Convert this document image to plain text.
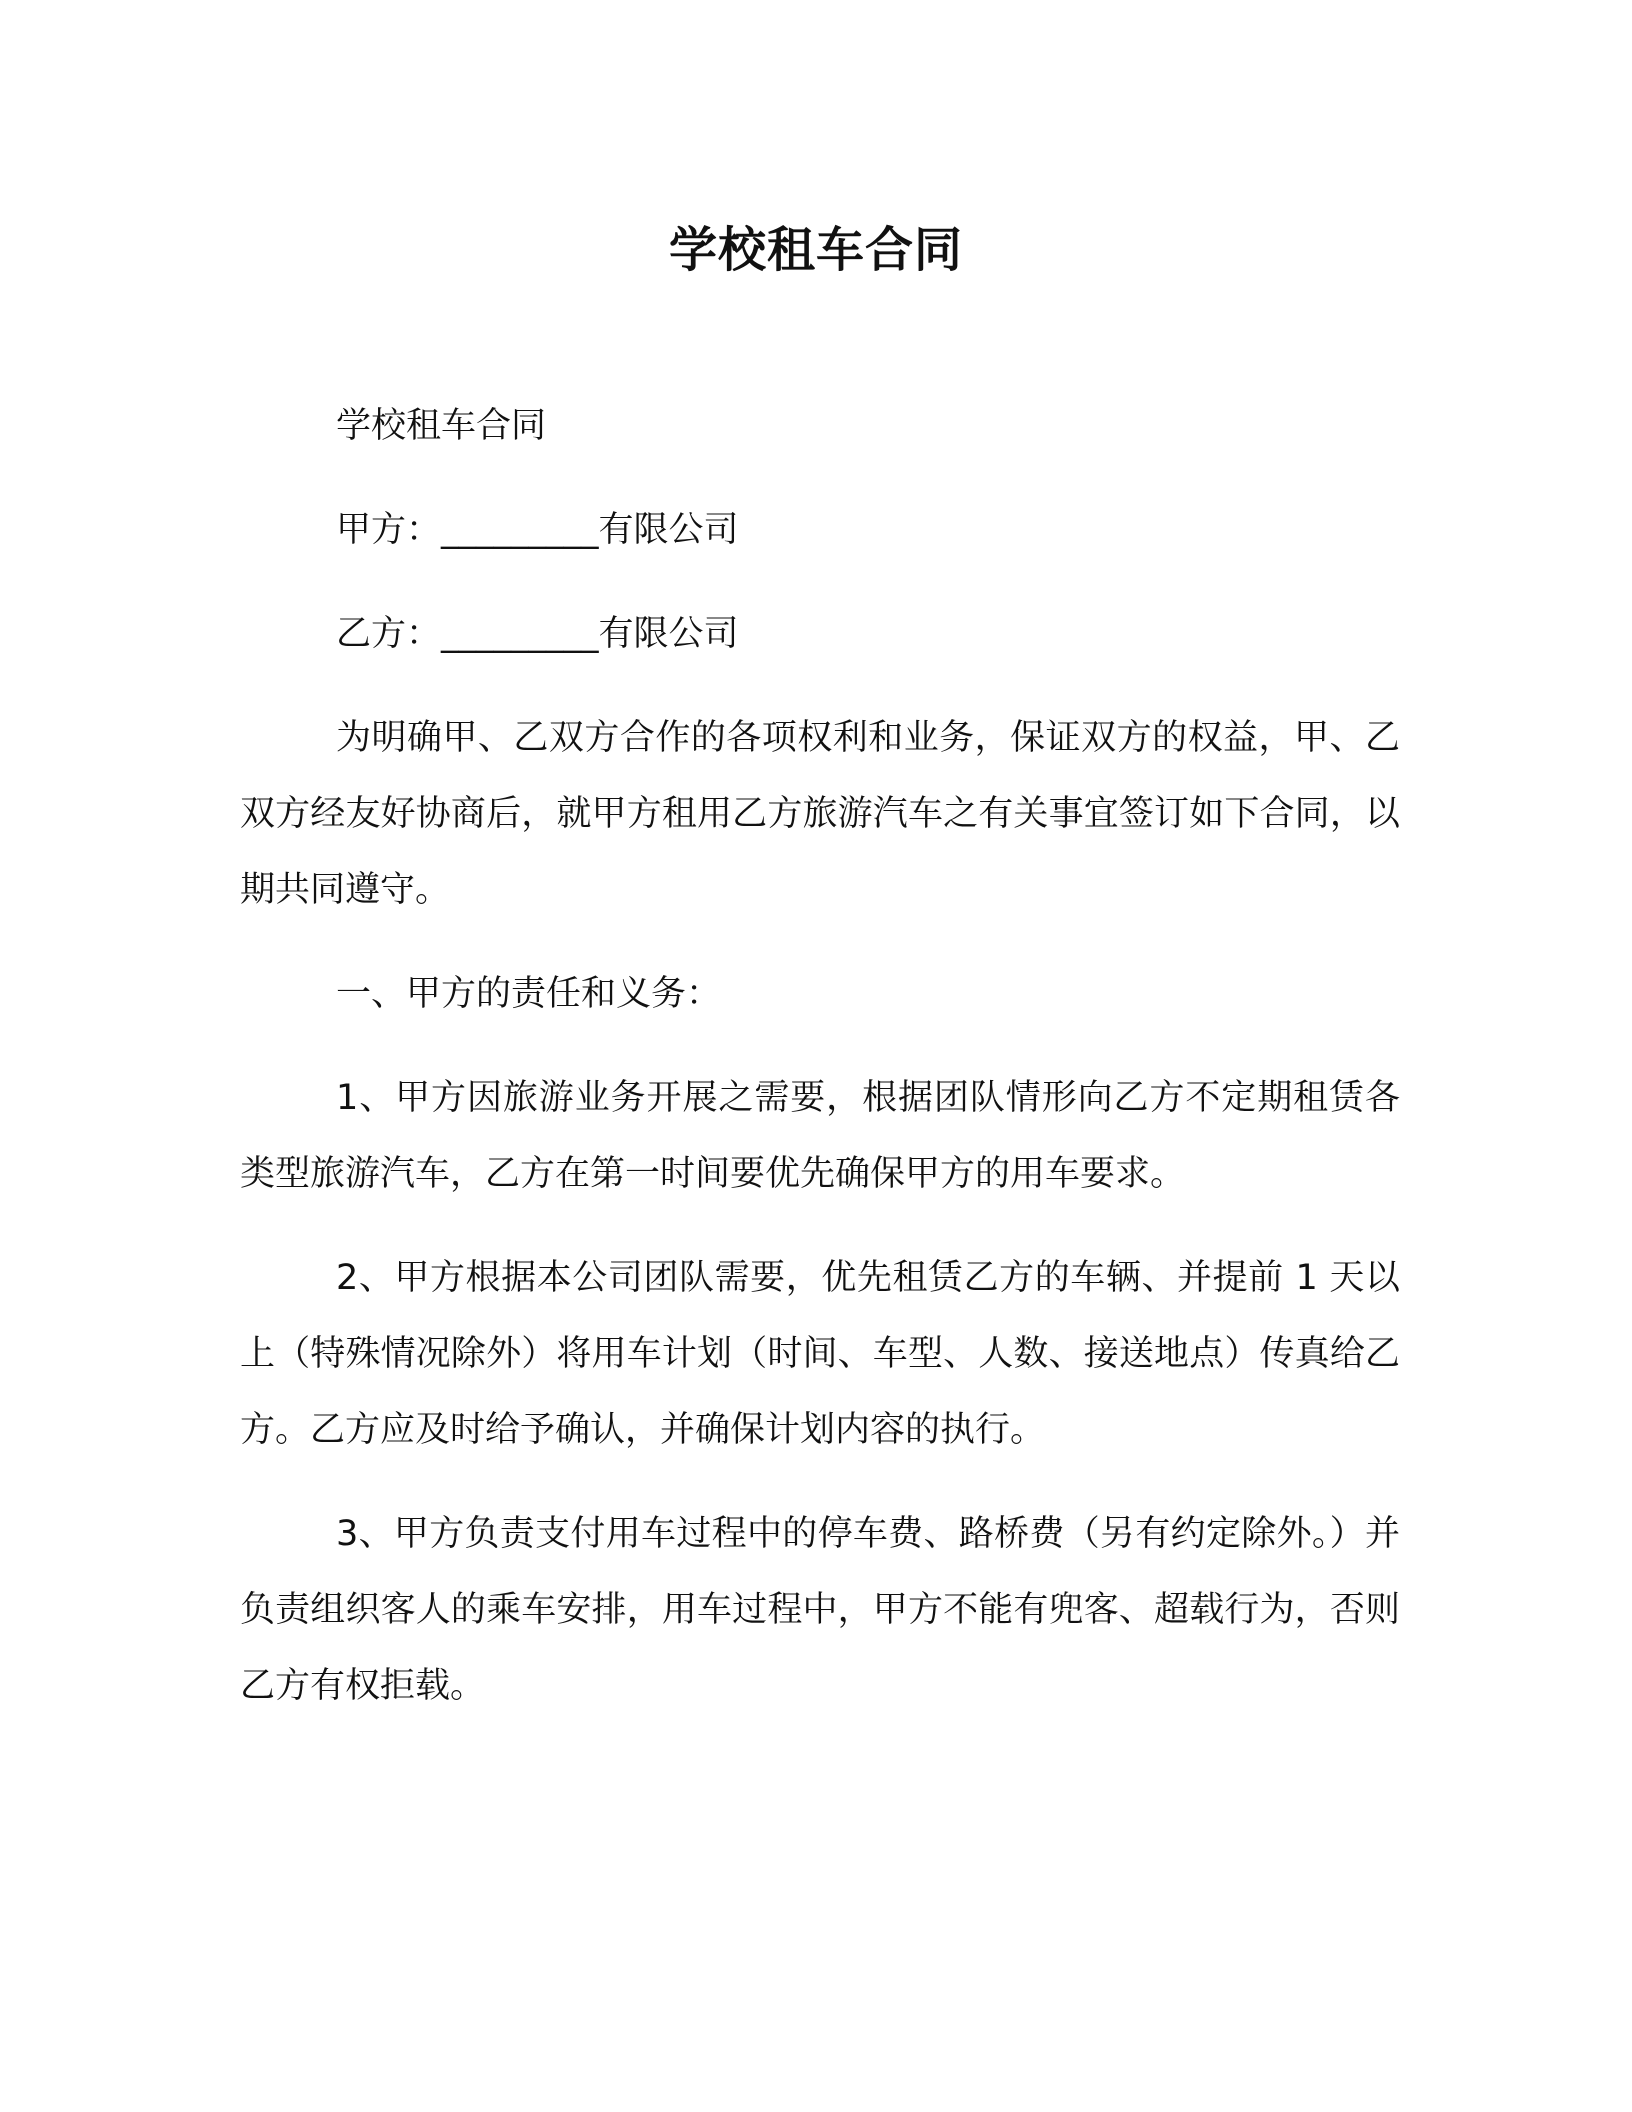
学校租车合同

学校租车合同

甲方：_________有限公司

乙方：_________有限公司

为明确甲、乙双方合作的各项权利和业务，保证双方的权益，甲、乙双方经友好协商后，就甲方租用乙方旅游汽车之有关事宜签订如下合同，以期共同遵守。

一、甲方的责任和义务：

1、甲方因旅游业务开展之需要，根据团队情形向乙方不定期租赁各类型旅游汽车，乙方在第一时间要优先确保甲方的用车要求。

2、甲方根据本公司团队需要，优先租赁乙方的车辆、并提前 1 天以上（特殊情况除外）将用车计划（时间、车型、人数、接送地点）传真给乙方。乙方应及时给予确认，并确保计划内容的执行。

3、甲方负责支付用车过程中的停车费、路桥费（另有约定除外。）并负责组织客人的乘车安排，用车过程中，甲方不能有兜客、超载行为，否则乙方有权拒载。
